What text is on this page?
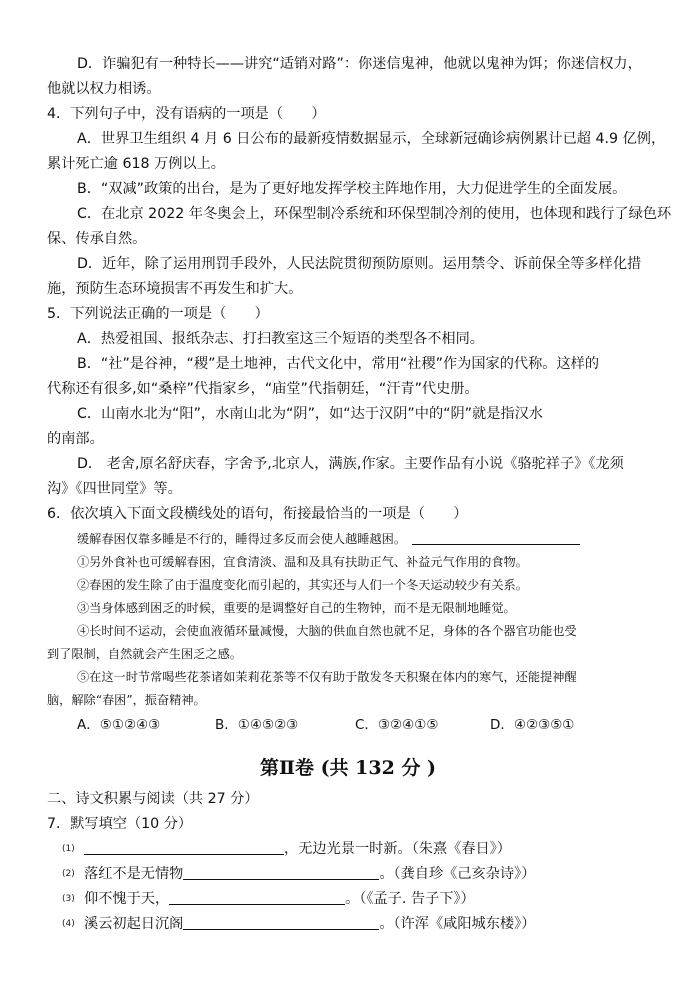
D．诈骗犯有一种特长——讲究“适销对路”：你迷信鬼神，他就以鬼神为饵；你迷信权力，
他就以权力相诱。
4．下列句子中，没有语病的一项是（　　）
A．世界卫生组织 4 月 6 日公布的最新疫情数据显示，全球新冠确诊病例累计已超 4.9 亿例，
累计死亡逾 618 万例以上。
B．“双减”政策的出台，是为了更好地发挥学校主阵地作用，大力促进学生的全面发展。
C．在北京 2022 年冬奥会上，环保型制冷系统和环保型制冷剂的使用，也体现和践行了绿色环
保、传承自然。
D．近年，除了运用刑罚手段外，人民法院贯彻预防原则。运用禁令、诉前保全等多样化措
施，预防生态环境损害不再发生和扩大。
5．下列说法正确的一项是（　　）
A．热爱祖国、报纸杂志、打扫教室这三个短语的类型各不相同。
B．“社”是谷神，“稷”是土地神，古代文化中，常用“社稷”作为国家的代称。这样的
代称还有很多,如“桑梓”代指家乡，“庙堂”代指朝廷，“汗青”代史册。
C．山南水北为“阳”，水南山北为“阴”，如“达于汉阴”中的“阴”就是指汉水
的南部。
D． 老舍,原名舒庆春，字舍予,北京人，满族,作家。主要作品有小说《骆驼祥子》《龙须
沟》《四世同堂》等。
6．依次填入下面文段横线处的语句，衔接最恰当的一项是（　　）
缓解春困仅靠多睡是不行的，睡得过多反而会使人越睡越困。
①另外食补也可缓解春困，宜食清淡、温和及具有扶助正气、补益元气作用的食物。
②春困的发生除了由于温度变化而引起的，其实还与人们一个冬天运动较少有关系。
③当身体感到困乏的时候，重要的是调整好自己的生物钟，而不是无限制地睡觉。
④长时间不运动，会使血液循环量减慢，大脑的供血自然也就不足，身体的各个器官功能也受
到了限制，自然就会产生困乏之感。
⑤在这一时节常喝些花茶诸如茉莉花茶等不仅有助于散发冬天积聚在体内的寒气，还能提神醒
脑，解除“春困”，振奋精神。
A．⑤①②④③	B．①④⑤②③	C．③②④①⑤	D．④②③⑤①
第Ⅱ卷 (共 132 分 )
二、诗文积累与阅读（共 27 分）
7．默写填空（10 分）
(1)	，无边光景一时新。（朱熹《春日》）
(2) 落红不是无情物	。（龚自珍《己亥杂诗》）
(3) 仰不愧于天，	。（《孟子. 告子下》）
(4) 溪云初起日沉阁	。（许浑《咸阳城东楼》）
